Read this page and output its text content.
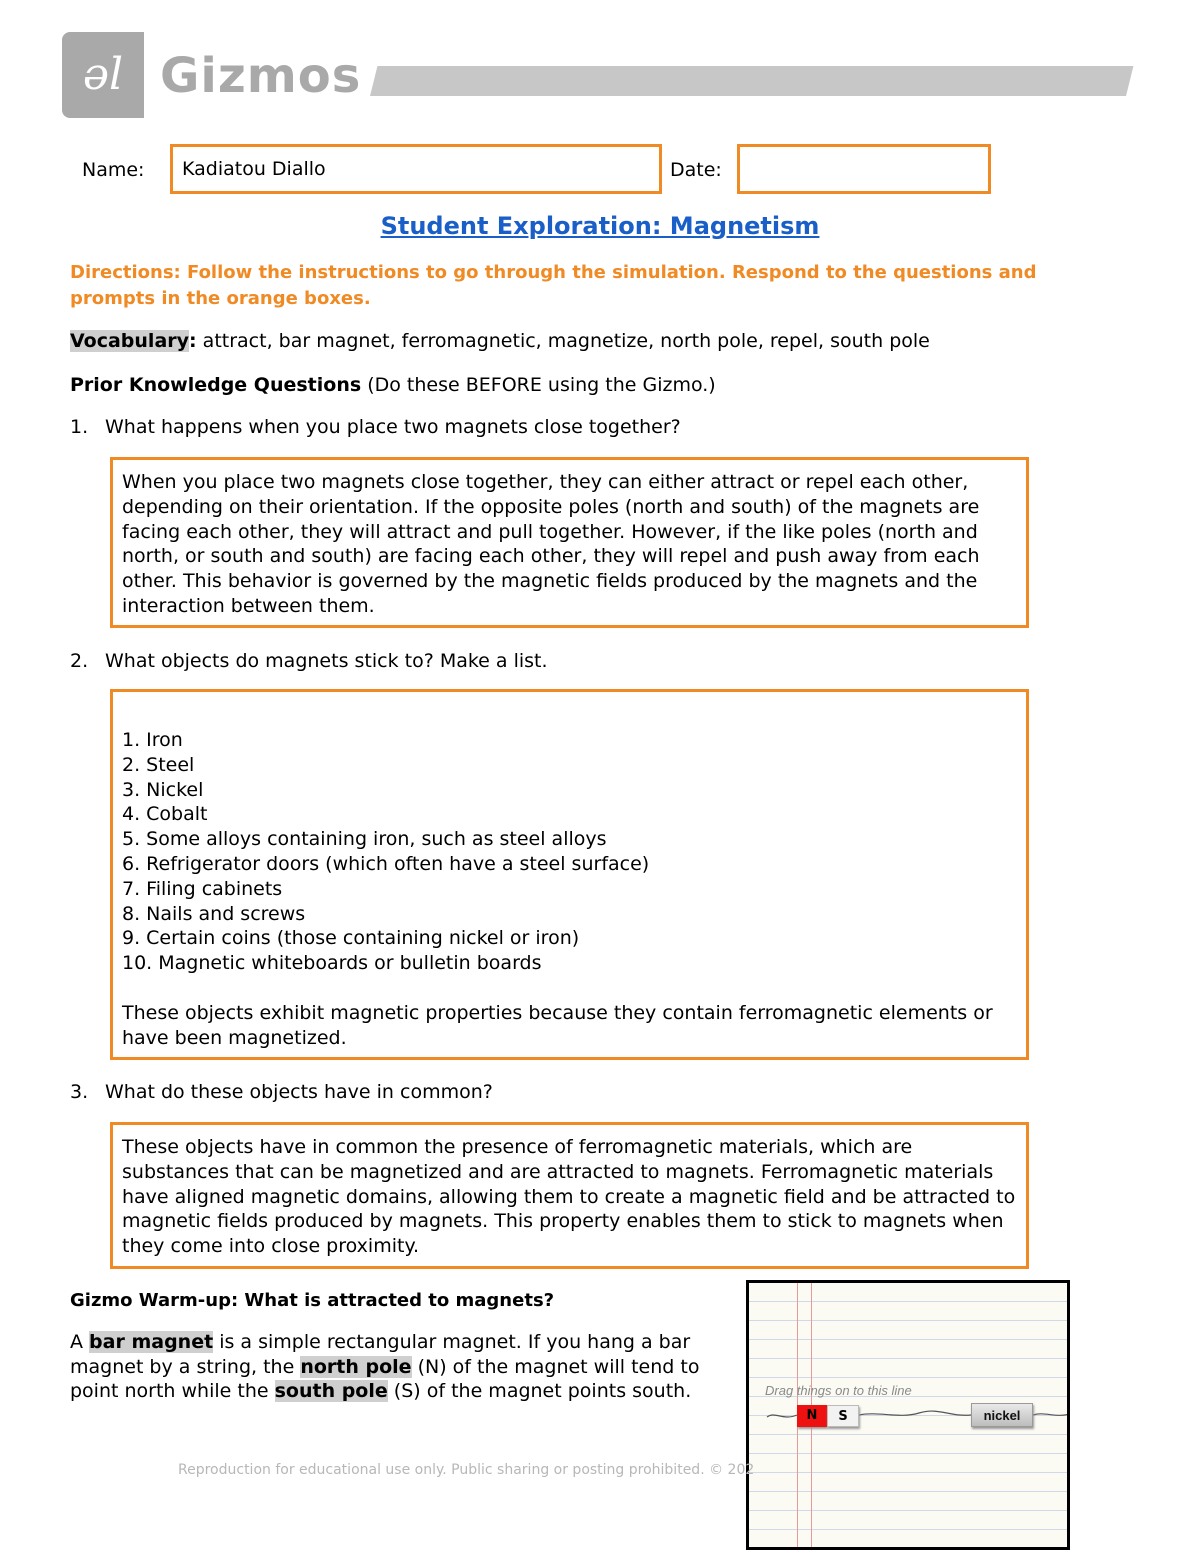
ǝl Gizmos
Name:	Kadiatou Diallo	Date:
Student Exploration: Magnetism
Directions: Follow the instructions to go through the simulation. Respond to the questions and prompts in the orange boxes.
Vocabulary: attract, bar magnet, ferromagnetic, magnetize, north pole, repel, south pole
Prior Knowledge Questions (Do these BEFORE using the Gizmo.)
1. What happens when you place two magnets close together?

When you place two magnets close together, they can either attract or repel each other, depending on their orientation. If the opposite poles (north and south) of the magnets are facing each other, they will attract and pull together. However, if the like poles (north and north, or south and south) are facing each other, they will repel and push away from each other. This behavior is governed by the magnetic fields produced by the magnets and the interaction between them.

2. What objects do magnets stick to? Make a list.

1. Iron

2. Steel

3. Nickel

4. Cobalt

5. Some alloys containing iron, such as steel alloys

6. Refrigerator doors (which often have a steel surface)

7. Filing cabinets

8. Nails and screws

9. Certain coins (those containing nickel or iron)

10. Magnetic whiteboards or bulletin boards

These objects exhibit magnetic properties because they contain ferromagnetic elements or have been magnetized.

3. What do these objects have in common?

These objects have in common the presence of ferromagnetic materials, which are substances that can be magnetized and are attracted to magnets. Ferromagnetic materials have aligned magnetic domains, allowing them to create a magnetic field and be attracted to magnetic fields produced by magnets. This property enables them to stick to magnets when they come into close proximity.

Gizmo Warm-up: What is attracted to magnets?
A bar magnet is a simple rectangular magnet. If you hang a bar magnet by a string, the north pole (N) of the magnet will tend to point north while the south pole (S) of the magnet points south.	Drag things on to this line
N	S	nickel
Reproduction for educational use only. Public sharing or posting prohibited. © 202
